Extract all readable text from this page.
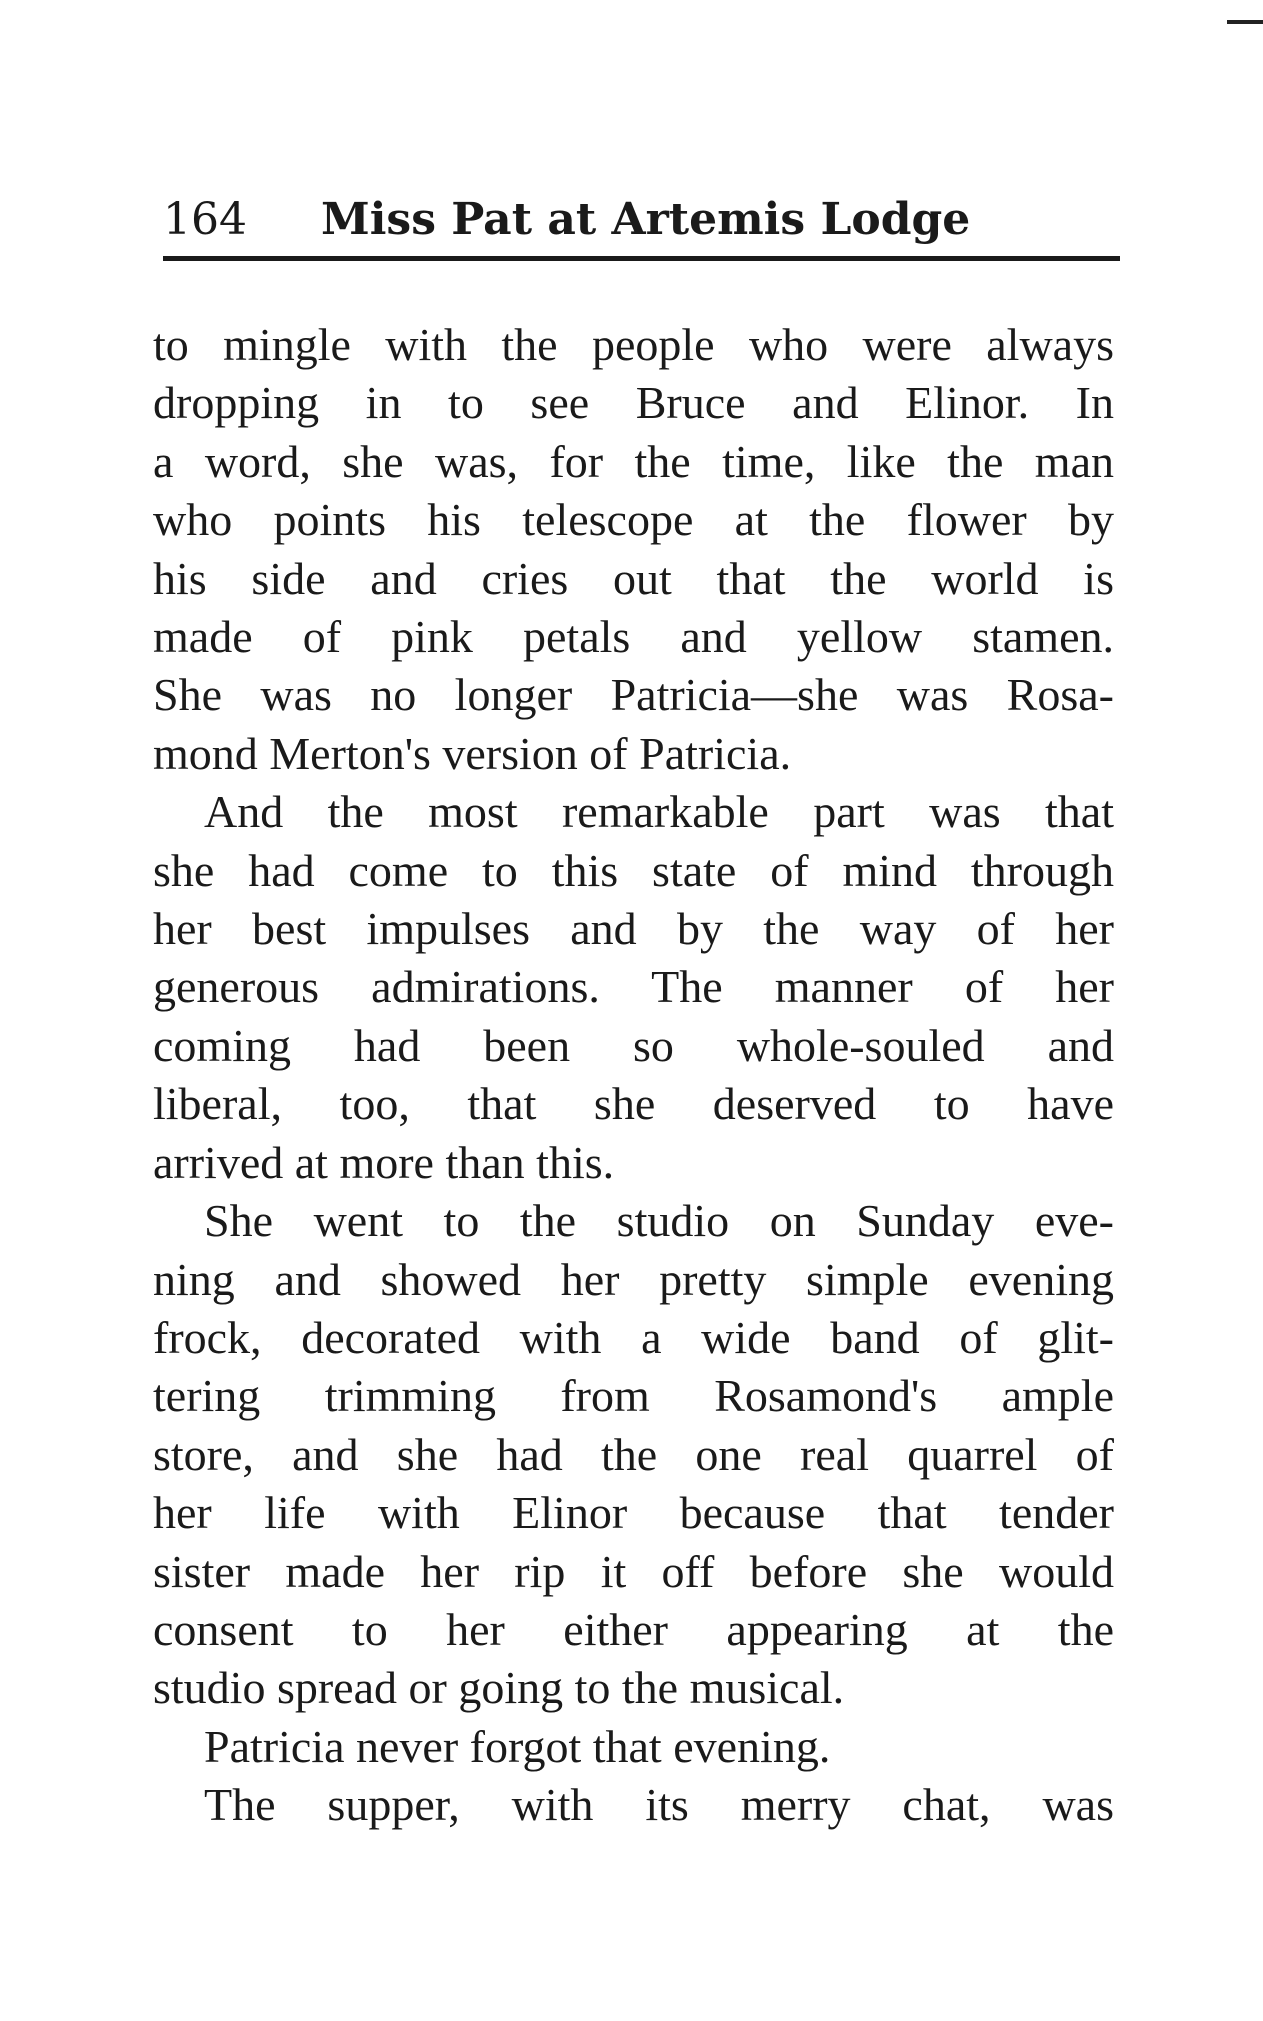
164 Miss Pat at Artemis Lodge
to mingle with the people who were always
dropping in to see Bruce and Elinor. In
a word, she was, for the time, like the man
who points his telescope at the flower by
his side and cries out that the world is
made of pink petals and yellow stamen.
She was no longer Patricia—she was Rosa-
mond Merton's version of Patricia.
And the most remarkable part was that
she had come to this state of mind through
her best impulses and by the way of her
generous admirations. The manner of her
coming had been so whole-souled and
liberal, too, that she deserved to have
arrived at more than this.
She went to the studio on Sunday eve-
ning and showed her pretty simple evening
frock, decorated with a wide band of glit-
tering trimming from Rosamond's ample
store, and she had the one real quarrel of
her life with Elinor because that tender
sister made her rip it off before she would
consent to her either appearing at the
studio spread or going to the musical.
Patricia never forgot that evening.
The supper, with its merry chat, was
